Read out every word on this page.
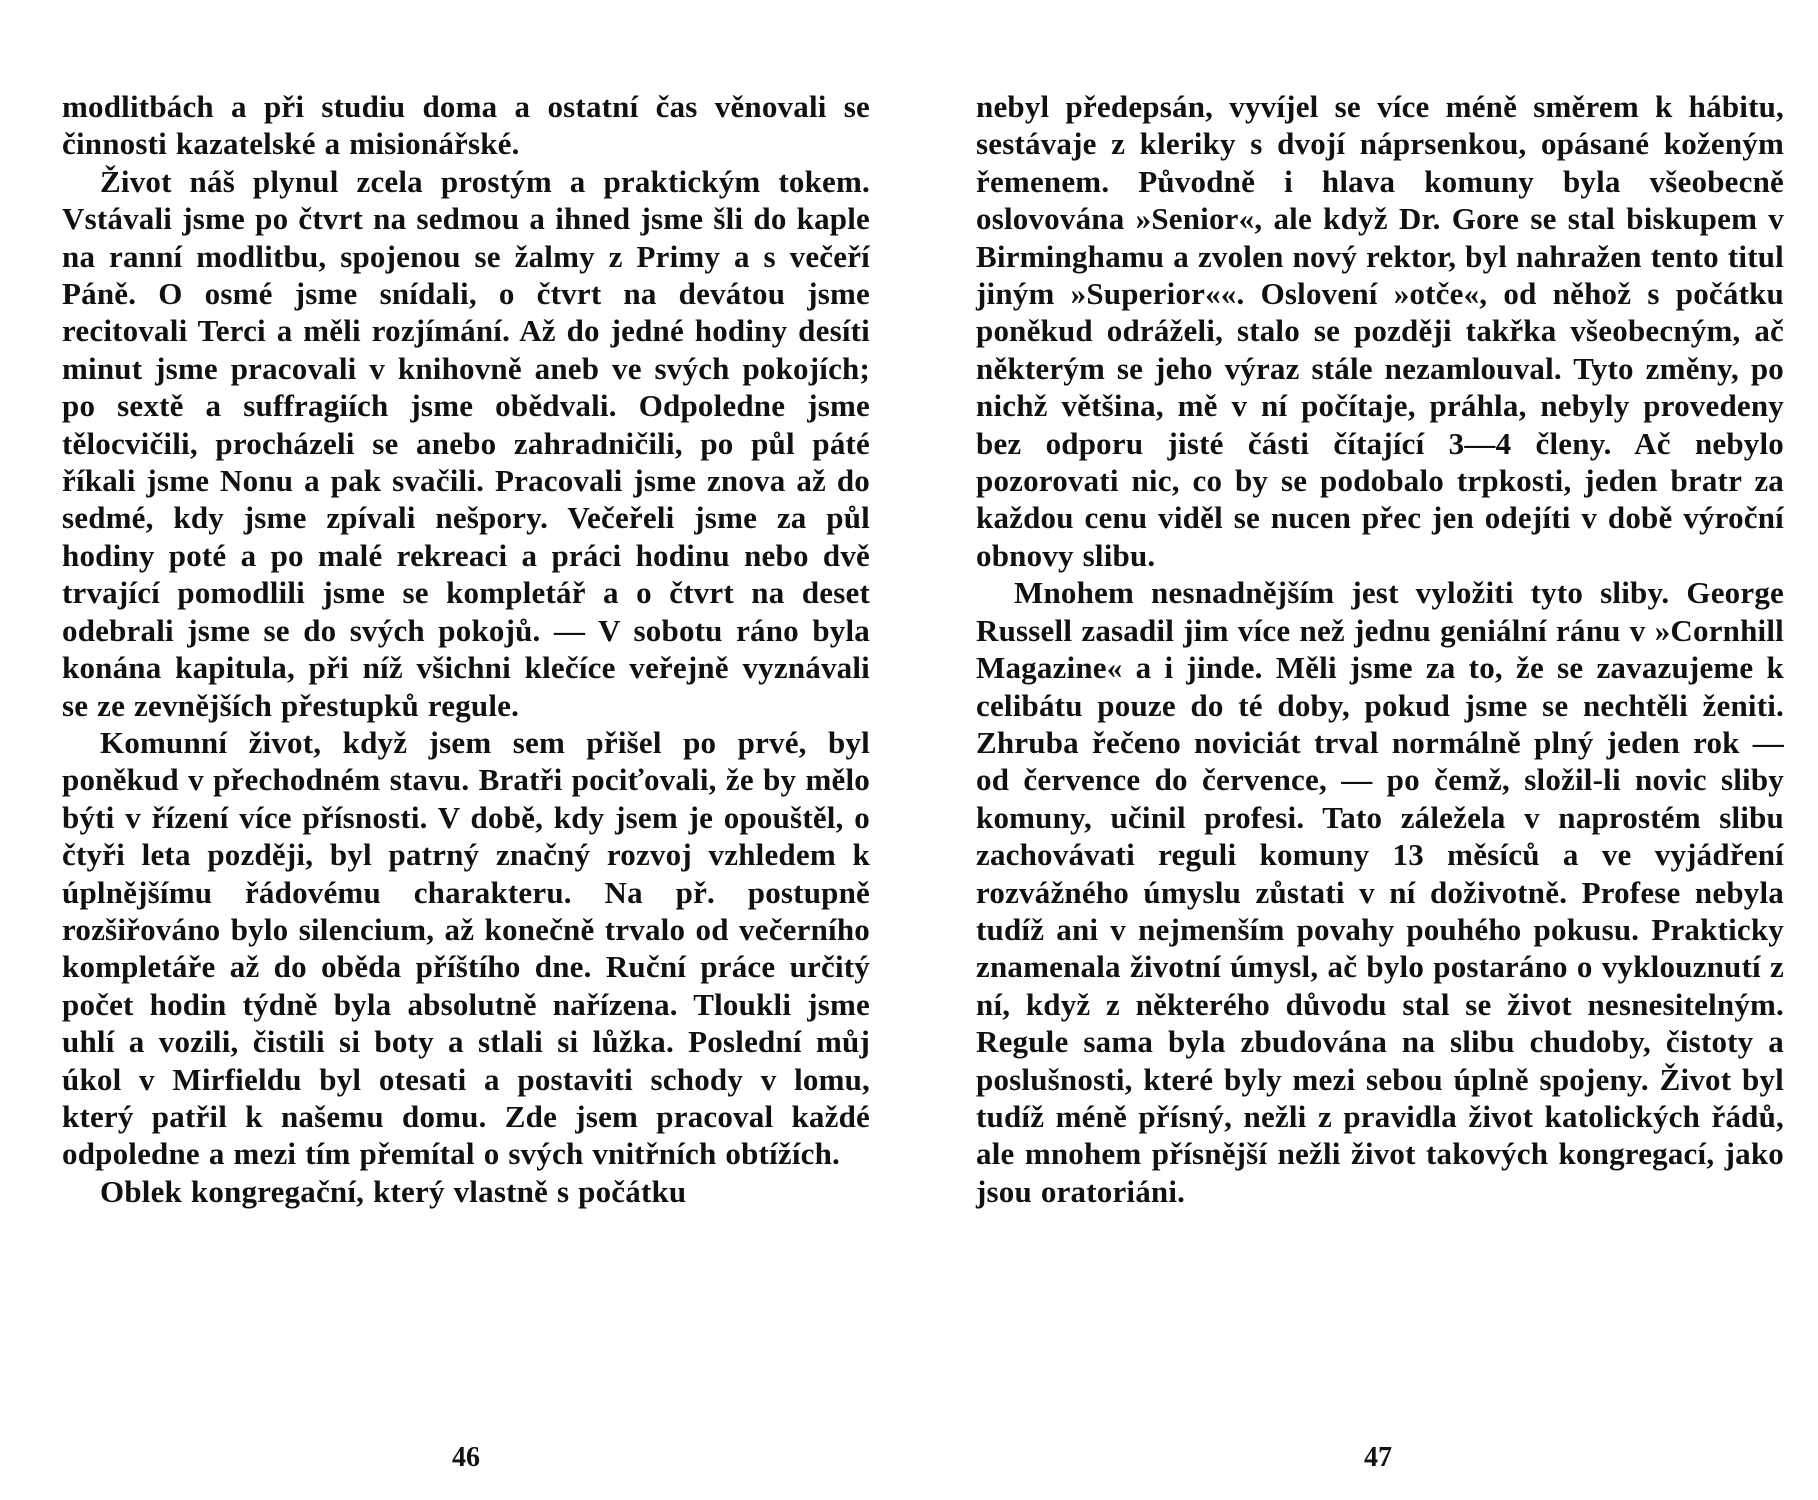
modlitbách a při studiu doma a ostatní čas věnovali se činnosti kazatelské a misionářské.

Život náš plynul zcela prostým a praktickým tokem. Vstávali jsme po čtvrt na sedmou a ihned jsme šli do kaple na ranní modlitbu, spojenou se žalmy z Primy a s večeří Páně. O osmé jsme snídali, o čtvrt na devátou jsme recitovali Terci a měli rozjímání. Až do jedné hodiny desíti minut jsme pracovali v knihovně aneb ve svých pokojích; po sextě a suffragiích jsme obědvali. Odpoledne jsme tělocvičili, procházeli se anebo zahradničili, po půl páté říkali jsme Nonu a pak svačili. Pracovali jsme znova až do sedmé, kdy jsme zpívali nešpory. Večeřeli jsme za půl hodiny poté a po malé rekreaci a práci hodinu nebo dvě trvající pomodlili jsme se kompletář a o čtvrt na deset odebrali jsme se do svých pokojů. — V sobotu ráno byla konána kapitula, při níž všichni klečíce veřejně vyznávali se ze zevnějších přestupků regule.

Komunní život, když jsem sem přišel po prvé, byl poněkud v přechodném stavu. Bratři pociťovali, že by mělo býti v řízení více přísnosti. V době, kdy jsem je opouštěl, o čtyři leta později, byl patrný značný rozvoj vzhledem k úplnějšímu řádovému charakteru. Na př. postupně rozšiřováno bylo silencium, až konečně trvalo od večerního kompletáře až do oběda příštího dne. Ruční práce určitý počet hodin týdně byla absolutně nařízena. Tloukli jsme uhlí a vozili, čistili si boty a stlali si lůžka. Poslední můj úkol v Mirfieldu byl otesati a postaviti schody v lomu, který patřil k našemu domu. Zde jsem pracoval každé odpoledne a mezi tím přemítal o svých vnitřních obtížích.

Oblek kongregační, který vlastně s počátku

46

nebyl předepsán, vyvíjel se více méně směrem k hábitu, sestávaje z kleriky s dvojí náprsenkou, opásané koženým řemenem. Původně i hlava komuny byla všeobecně oslovována »Senior«, ale když Dr. Gore se stal biskupem v Birminghamu a zvolen nový rektor, byl nahražen tento titul jiným »Superior««. Oslovení »otče«, od něhož s počátku poněkud odráželi, stalo se později takřka všeobecným, ač některým se jeho výraz stále nezamlouval. Tyto změny, po nichž většina, mě v ní počítaje, práhla, nebyly provedeny bez odporu jisté části čítající 3—4 členy. Ač nebylo pozorovati nic, co by se podobalo trpkosti, jeden bratr za každou cenu viděl se nucen přec jen odejíti v době výroční obnovy slibu.

Mnohem nesnadnějším jest vyložiti tyto sliby. George Russell zasadil jim více než jednu geniální ránu v »Cornhill Magazine« a i jinde. Měli jsme za to, že se zavazujeme k celibátu pouze do té doby, pokud jsme se nechtěli ženiti. Zhruba řečeno noviciát trval normálně plný jeden rok — od července do července, — po čemž, složil-li novic sliby komuny, učinil profesi. Tato záležela v naprostém slibu zachovávati reguli komuny 13 měsíců a ve vyjádření rozvážného úmyslu zůstati v ní doživotně. Profese nebyla tudíž ani v nejmenším povahy pouhého pokusu. Prakticky znamenala životní úmysl, ač bylo postaráno o vyklouznutí z ní, když z některého důvodu stal se život nesnesitelným. Regule sama byla zbudována na slibu chudoby, čistoty a poslušnosti, které byly mezi sebou úplně spojeny. Život byl tudíž méně přísný, nežli z pravidla život katolických řádů, ale mnohem přísnější nežli život takových kongregací, jako jsou oratoriáni.

47
